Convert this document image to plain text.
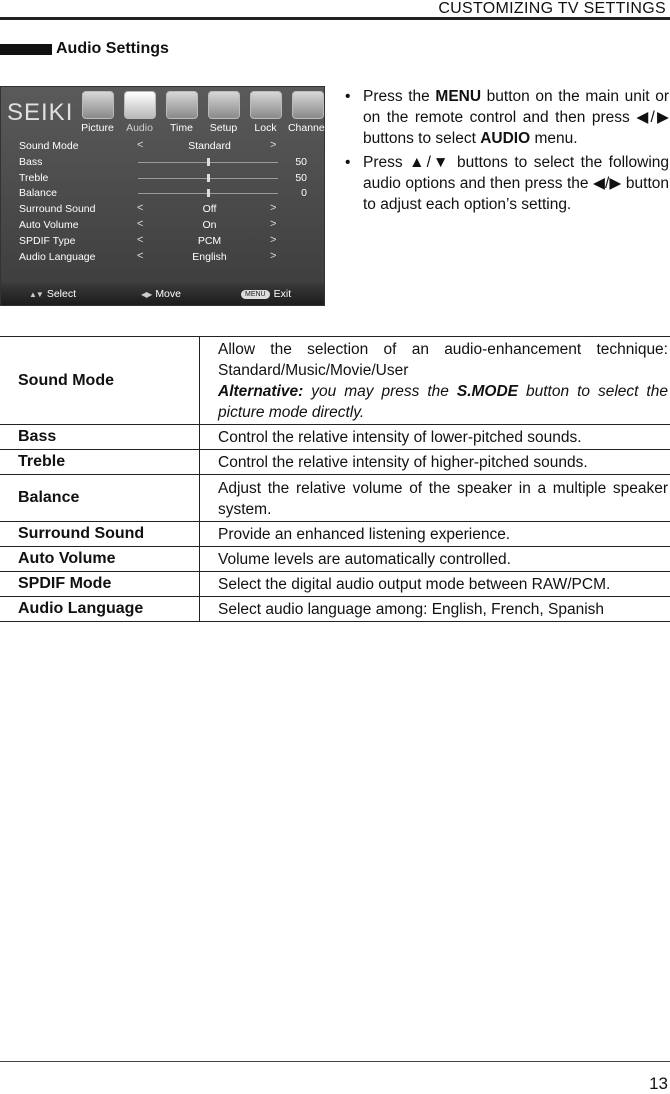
CUSTOMIZING TV SETTINGS
Audio Settings
SEIKI
Picture	Audio	Time	Setup	Lock	Channel
Sound Mode	<	Standard	>
Bass	50
Treble	50
Balance	0
Surround Sound	<	Off	>
Auto Volume	<	On	>
SPDIF Type	<	PCM	>
Audio Language	<	English	>
▲▼ Select	◀▶ Move	MENU Exit
• Press the MENU button on the main unit or on the remote control and then press ◀/▶ buttons to select AUDIO menu.
• Press ▲/▼ buttons to select the following audio options and then press the ◀/▶ button to adjust each option’s setting.
Sound Mode	Allow the selection of an audio-enhancement technique: Standard/Music/Movie/User
Alternative: you may press the S.MODE button to select the picture mode directly.

Bass	Control the relative intensity of lower-pitched sounds.
Treble	Control the relative intensity of higher-pitched sounds.
Balance	Adjust the relative volume of the speaker in a multiple speaker system.
Surround Sound	Provide an enhanced listening experience.
Auto Volume	Volume levels are automatically controlled.
SPDIF Mode	Select the digital audio output mode between RAW/PCM.
Audio Language	Select audio language among: English, French, Spanish
13
